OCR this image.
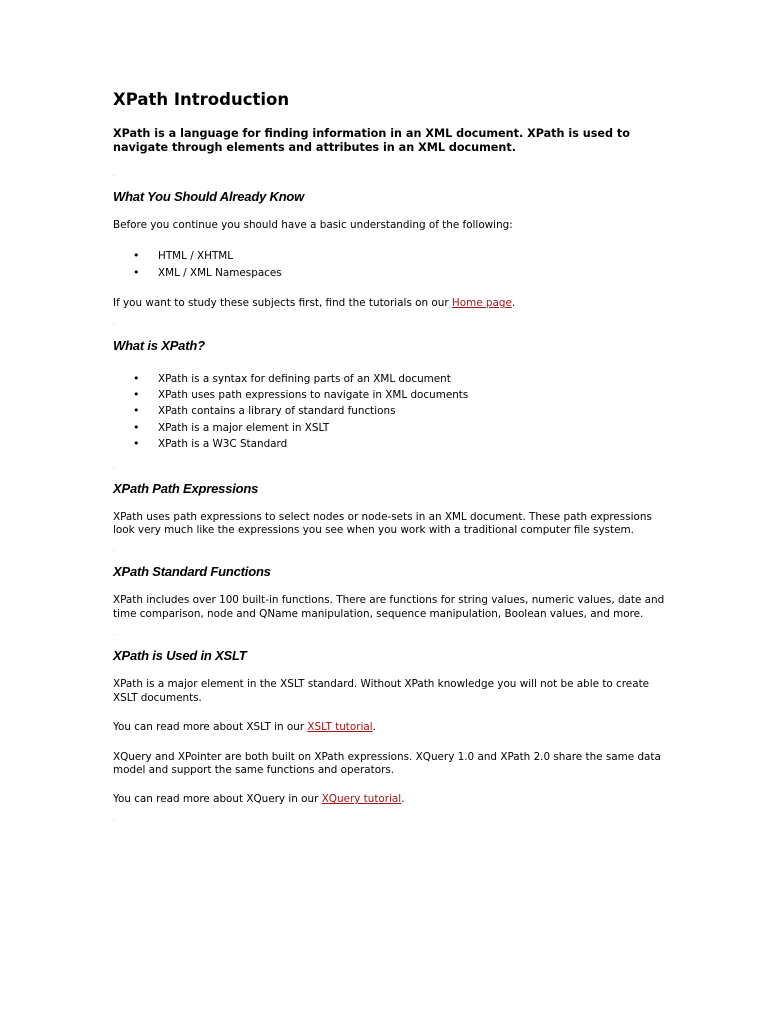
XPath Introduction

XPath is a language for finding information in an XML document. XPath is used to navigate through elements and attributes in an XML document.

.
What You Should Already Know

Before you continue you should have a basic understanding of the following:

• HTML / XHTML
• XML / XML Namespaces

If you want to study these subjects first, find the tutorials on our Home page.

.
What is XPath?
• XPath is a syntax for defining parts of an XML document
• XPath uses path expressions to navigate in XML documents
• XPath contains a library of standard functions
• XPath is a major element in XSLT
• XPath is a W3C Standard
.
XPath Path Expressions

XPath uses path expressions to select nodes or node-sets in an XML document. These path expressions look very much like the expressions you see when you work with a traditional computer file system.

.
XPath Standard Functions

XPath includes over 100 built-in functions. There are functions for string values, numeric values, date and time comparison, node and QName manipulation, sequence manipulation, Boolean values, and more.

.
XPath is Used in XSLT

XPath is a major element in the XSLT standard. Without XPath knowledge you will not be able to create XSLT documents.

You can read more about XSLT in our XSLT tutorial.

XQuery and XPointer are both built on XPath expressions. XQuery 1.0 and XPath 2.0 share the same data model and support the same functions and operators.

You can read more about XQuery in our XQuery tutorial.

.
